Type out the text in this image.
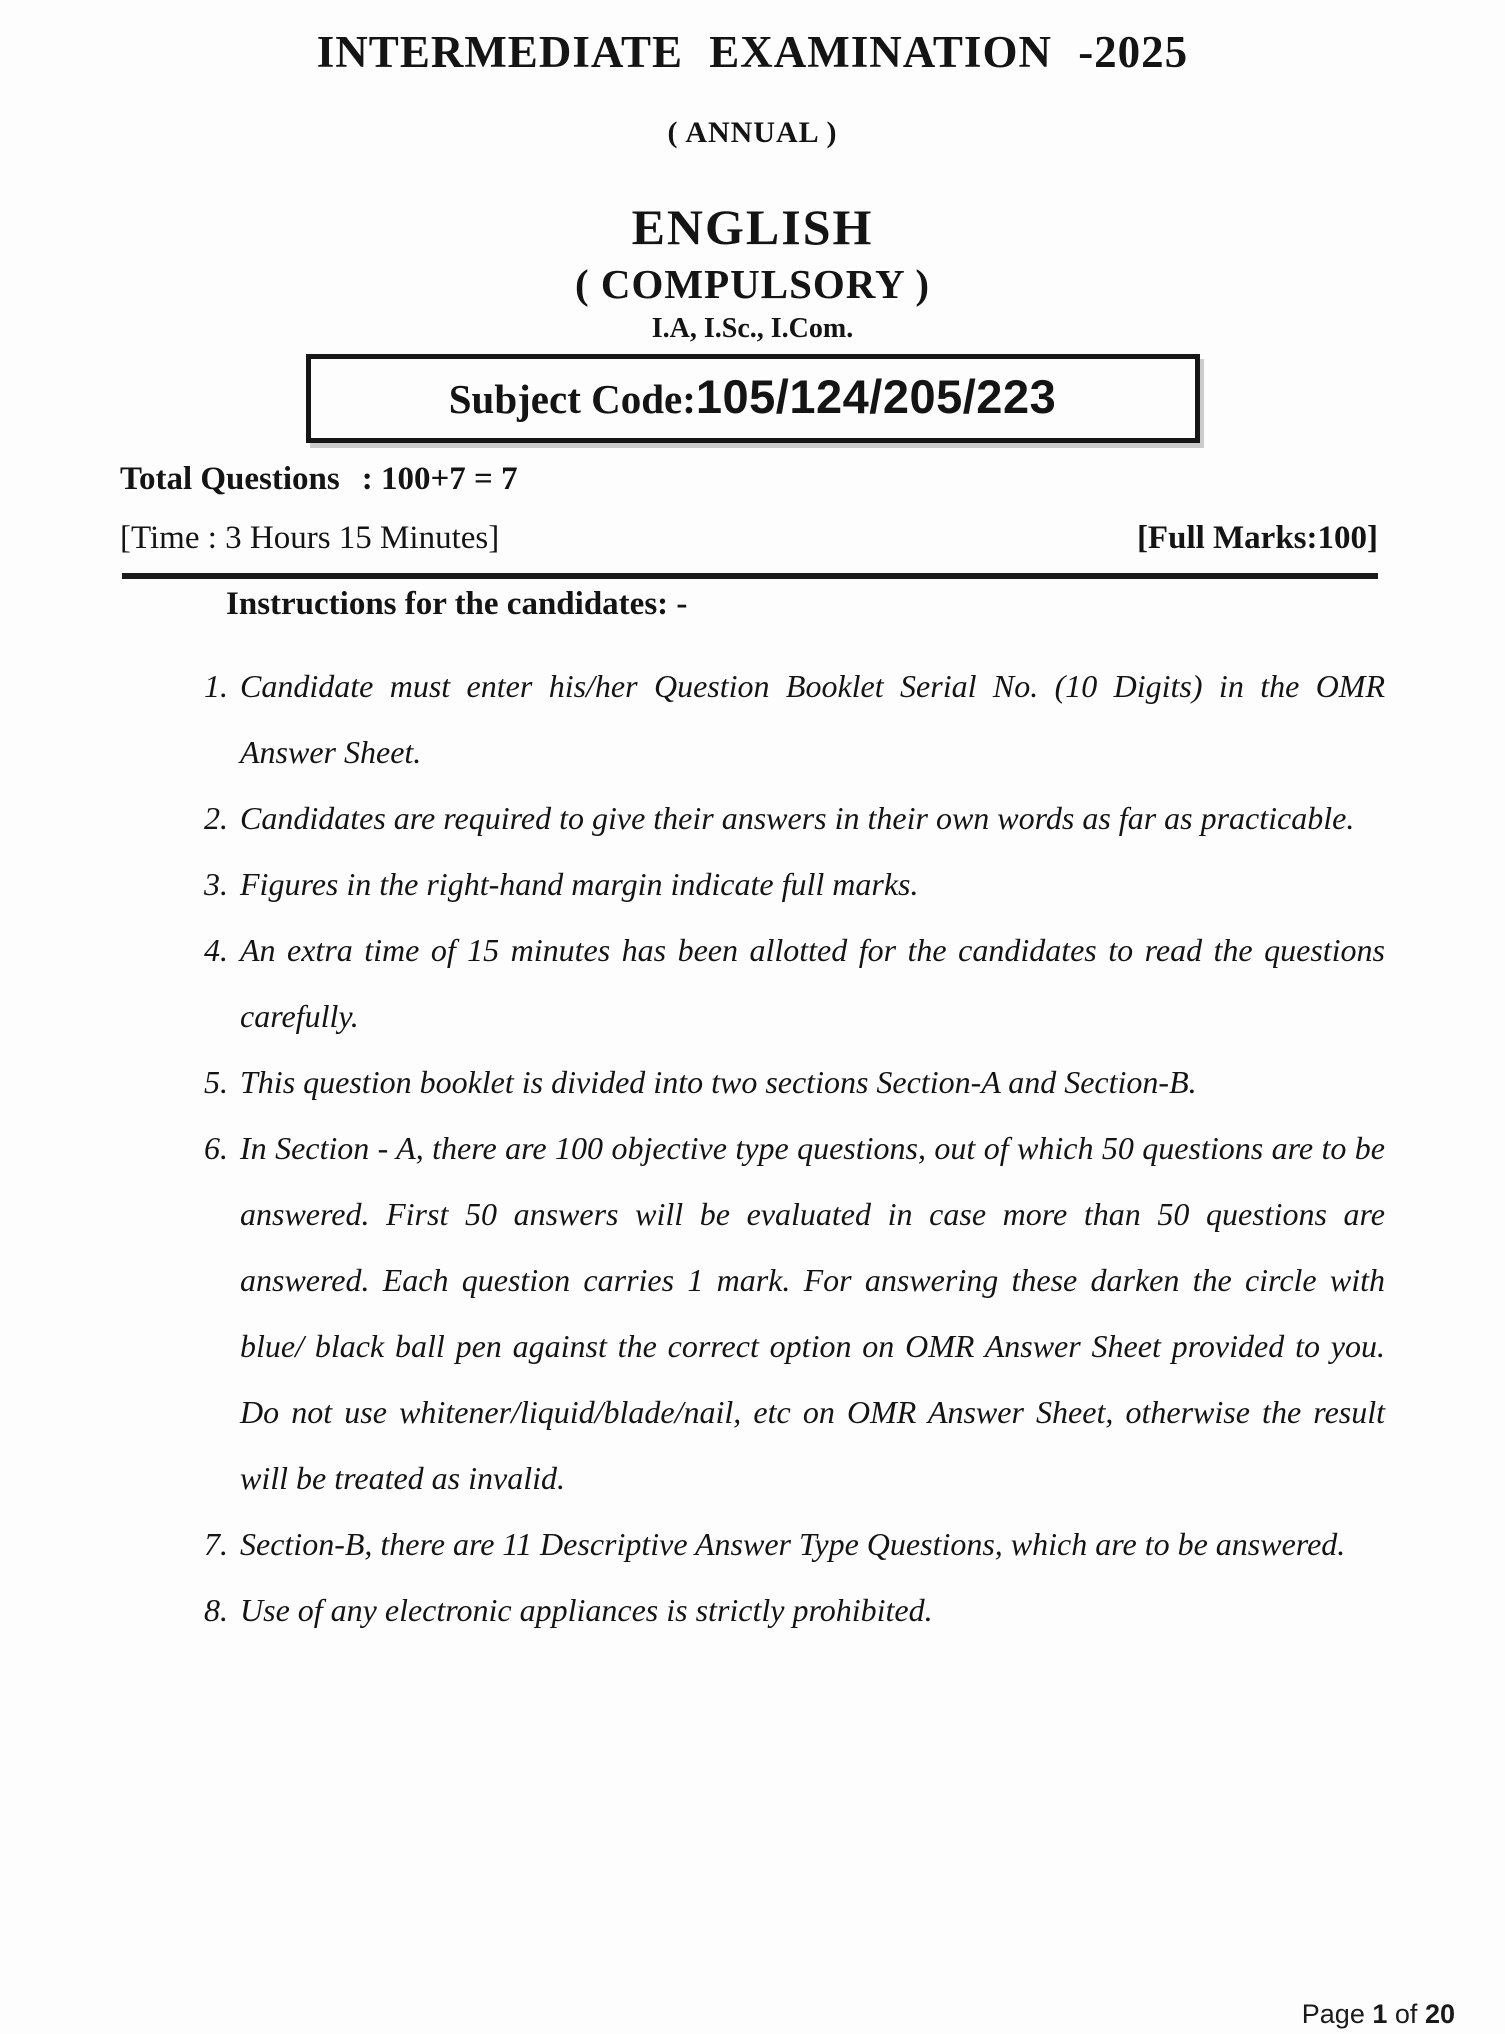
INTERMEDIATE EXAMINATION -2025
( ANNUAL )
ENGLISH
( COMPULSORY )
I.A, I.Sc., I.Com.
Subject Code:105/124/205/223
Total Questions : 100+7 = 7
[Time : 3 Hours 15 Minutes]	[Full Marks:100]
Instructions for the candidates: -
1. Candidate must enter his/her Question Booklet Serial No. (10 Digits) in the OMR Answer Sheet.
2. Candidates are required to give their answers in their own words as far as practicable.
3. Figures in the right-hand margin indicate full marks.
4. An extra time of 15 minutes has been allotted for the candidates to read the questions carefully.
5. This question booklet is divided into two sections Section-A and Section-B.
6. In Section - A, there are 100 objective type questions, out of which 50 questions are to be answered. First 50 answers will be evaluated in case more than 50 questions are answered. Each question carries 1 mark. For answering these darken the circle with blue/ black ball pen against the correct option on OMR Answer Sheet provided to you. Do not use whitener/liquid/blade/nail, etc on OMR Answer Sheet, otherwise the result will be treated as invalid.
7. Section-B, there are 11 Descriptive Answer Type Questions, which are to be answered.
8. Use of any electronic appliances is strictly prohibited.
Page 1 of 20
